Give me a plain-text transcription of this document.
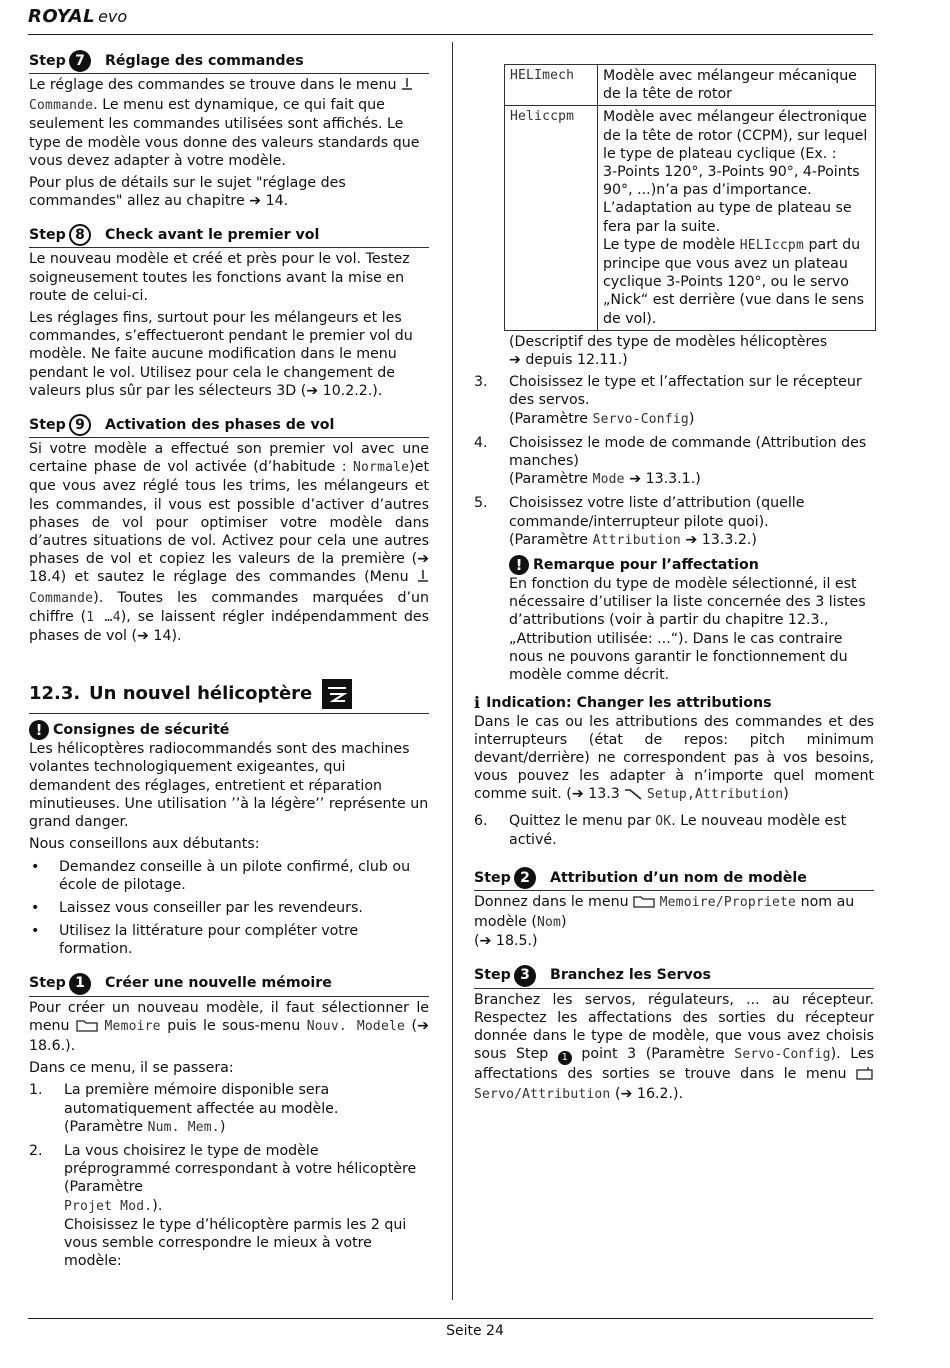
ROYAL evo
Step 7	Réglage des commandes

Le réglage des commandes se trouve dans le menu  Commande. Le menu est dynamique, ce qui fait que seulement les commandes utilisées sont affichés. Le type de modèle vous donne des valeurs standards que vous devez adapter à votre modèle.

Pour plus de détails sur le sujet "réglage des commandes" allez au chapitre ➔ 14.

Step 8	Check avant le premier vol

Le nouveau modèle et créé et près pour le vol. Testez soigneusement toutes les fonctions avant la mise en route de celui-ci.

Les réglages fins, surtout pour les mélangeurs et les commandes, s’effectueront pendant le premier vol du modèle. Ne faite aucune modification dans le menu pendant le vol. Utilisez pour cela le changement de valeurs plus sûr par les sélecteurs 3D (➔ 10.2.2.).

Step 9	Activation des phases de vol

Si votre modèle a effectué son premier vol avec une certaine phase de vol activée (d’habitude : Normale)et que vous avez réglé tous les trims, les mélangeurs et les commandes, il vous est possible d’activer d’autres phases de vol pour optimiser votre modèle dans d’autres situations de vol. Activez pour cela une autres phases de vol et copiez les valeurs de la première (➔ 18.4) et sautez le réglage des commandes (Menu  Commande). Toutes les commandes marquées d’un chiffre (1 …4), se laissent régler indépendamment des phases de vol (➔ 14).

12.3. Un nouvel hélicoptère
! Consignes de sécurité

Les hélicoptères radiocommandés sont des machines volantes technologiquement exigeantes, qui demandent des réglages, entretient et réparation minutieuses. Une utilisation ’’à la légère’’ représente un grand danger.

Nous conseillons aux débutants:

• Demandez conseille à un pilote confirmé, club ou école de pilotage.
• Laissez vous conseiller par les revendeurs.
• Utilisez la littérature pour compléter votre formation.
Step 1	Créer une nouvelle mémoire

Pour créer un nouveau modèle, il faut sélectionner le menu	Memoire puis le sous-menu Nouv. Modele (➔ 18.6.).

Dans ce menu, il se passera:

1. La première mémoire disponible sera automatiquement affectée au modèle.
(Paramètre Num. Mem.)
2. La vous choisirez le type de modèle préprogrammé correspondant à votre hélicoptère (Paramètre
Projet Mod.).
Choisissez le type d’hélicoptère parmis les 2 qui vous semble correspondre le mieux à votre modèle:
HELImech	Modèle avec mélangeur mécanique de la tête de rotor
Heliccpm	Modèle avec mélangeur électronique de la tête de rotor (CCPM), sur lequel le type de plateau cyclique (Ex. :
3-Points 120°, 3-Points 90°, 4-Points
90°, ...)n’a pas d’importance.
L’adaptation au type de plateau se fera par la suite.
Le type de modèle HELIccpm part du principe que vous avez un plateau cyclique 3-Points 120°, ou le servo „Nick“ est derrière (vue dans le sens de vol).

(Descriptif des type de modèles hélicoptères

➔ depuis 12.11.)

3. Choisissez le type et l’affectation sur le récepteur des servos.
(Paramètre Servo-Config)
4. Choisissez le mode de commande (Attribution des manches)
(Paramètre Mode ➔ 13.3.1.)
5. Choisissez votre liste d’attribution (quelle commande/interrupteur pilote quoi).
(Paramètre Attribution ➔ 13.3.2.)
! Remarque pour l’affectation

En fonction du type de modèle sélectionné, il est nécessaire d’utiliser la liste concernée des 3 listes d’attributions (voir à partir du chapitre 12.3., „Attribution utilisée: ...“). Dans le cas contraire nous ne pouvons garantir le fonctionnement du modèle comme décrit.

ℹ Indication: Changer les attributions

Dans le cas ou les attributions des commandes et des interrupteurs (état de repos: pitch minimum devant/derrière) ne correspondent pas à vos besoins, vous pouvez les adapter à n’importe quel moment comme suit. (➔ 13.3 Setup,Attribution)

6. Quittez le menu par OK. Le nouveau modèle est activé.
Step 2	Attribution d’un nom de modèle

Donnez dans le menu Memoire/Propriete nom au modèle (Nom)
(➔ 18.5.)

Step 3	Branchez les Servos

Branchez les servos, régulateurs, ... au récepteur. Respectez les affectations des sorties du récepteur donnée dans le type de modèle, que vous avez choisis sous Step 1 point 3 (Paramètre Servo-Config). Les affectations des sorties se trouve dans le menu  Servo/Attribution (➔ 16.2.).

Seite 24
